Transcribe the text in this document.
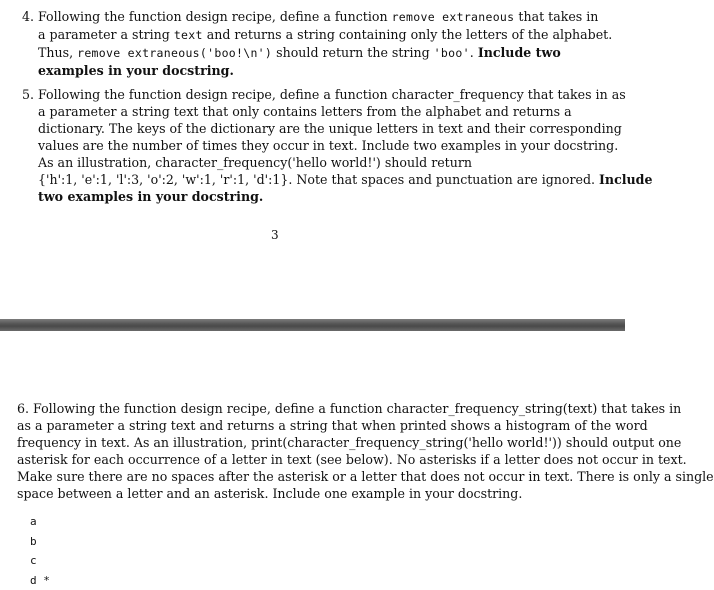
4. Following the function design recipe, define a function remove extraneous that takes in
a parameter a string text and returns a string containing only the letters of the alphabet.
Thus, remove extraneous('boo!\n') should return the string 'boo'. Include two
examples in your docstring.
5. Following the function design recipe, define a function character_frequency that takes in as
a parameter a string text that only contains letters from the alphabet and returns a
dictionary. The keys of the dictionary are the unique letters in text and their corresponding
values are the number of times they occur in text. Include two examples in your docstring.
As an illustration, character_frequency('hello world!') should return
{'h':1, 'e':1, 'l':3, 'o':2, 'w':1, 'r':1, 'd':1}. Note that spaces and punctuation are ignored. Include
two examples in your docstring.
3
6. Following the function design recipe, define a function character_frequency_string(text) that takes in
as a parameter a string text and returns a string that when printed shows a histogram of the word
frequency in text. As an illustration, print(character_frequency_string('hello world!')) should output one
asterisk for each occurrence of a letter in text (see below). No asterisks if a letter does not occur in text.
Make sure there are no spaces after the asterisk or a letter that does not occur in text. There is only a single
space between a letter and an asterisk. Include one example in your docstring.
a
b
c
d *
